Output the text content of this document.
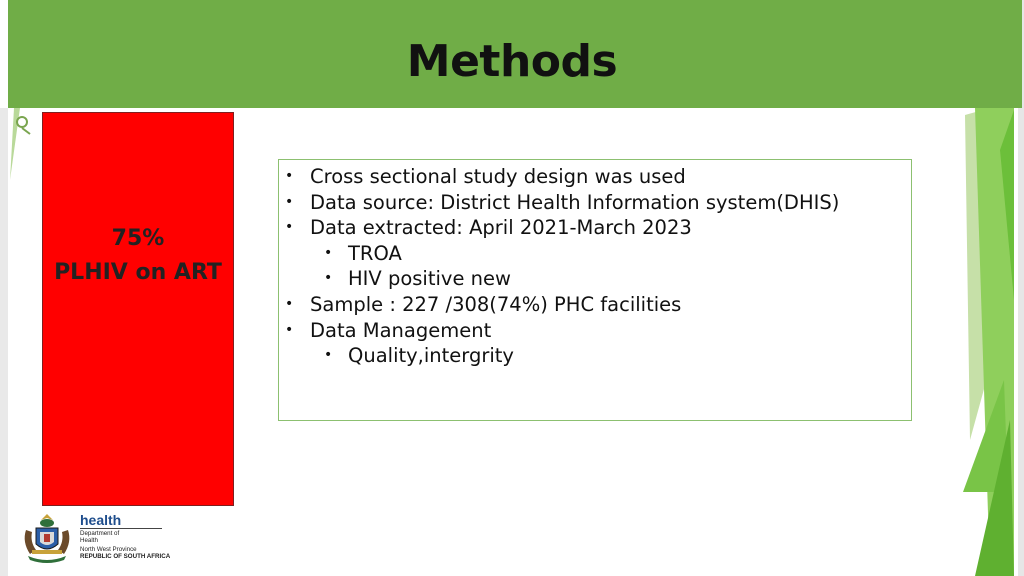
Methods
75%
PLHIV on ART
• Cross sectional study design was used
• Data source: District Health Information system(DHIS)
• Data extracted: April 2021-March 2023
• TROA
• HIV positive new
• Sample : 227 /308(74%) PHC facilities
• Data Management
• Quality,intergrity
health
Department of
Health
North West Province
REPUBLIC OF SOUTH AFRICA
